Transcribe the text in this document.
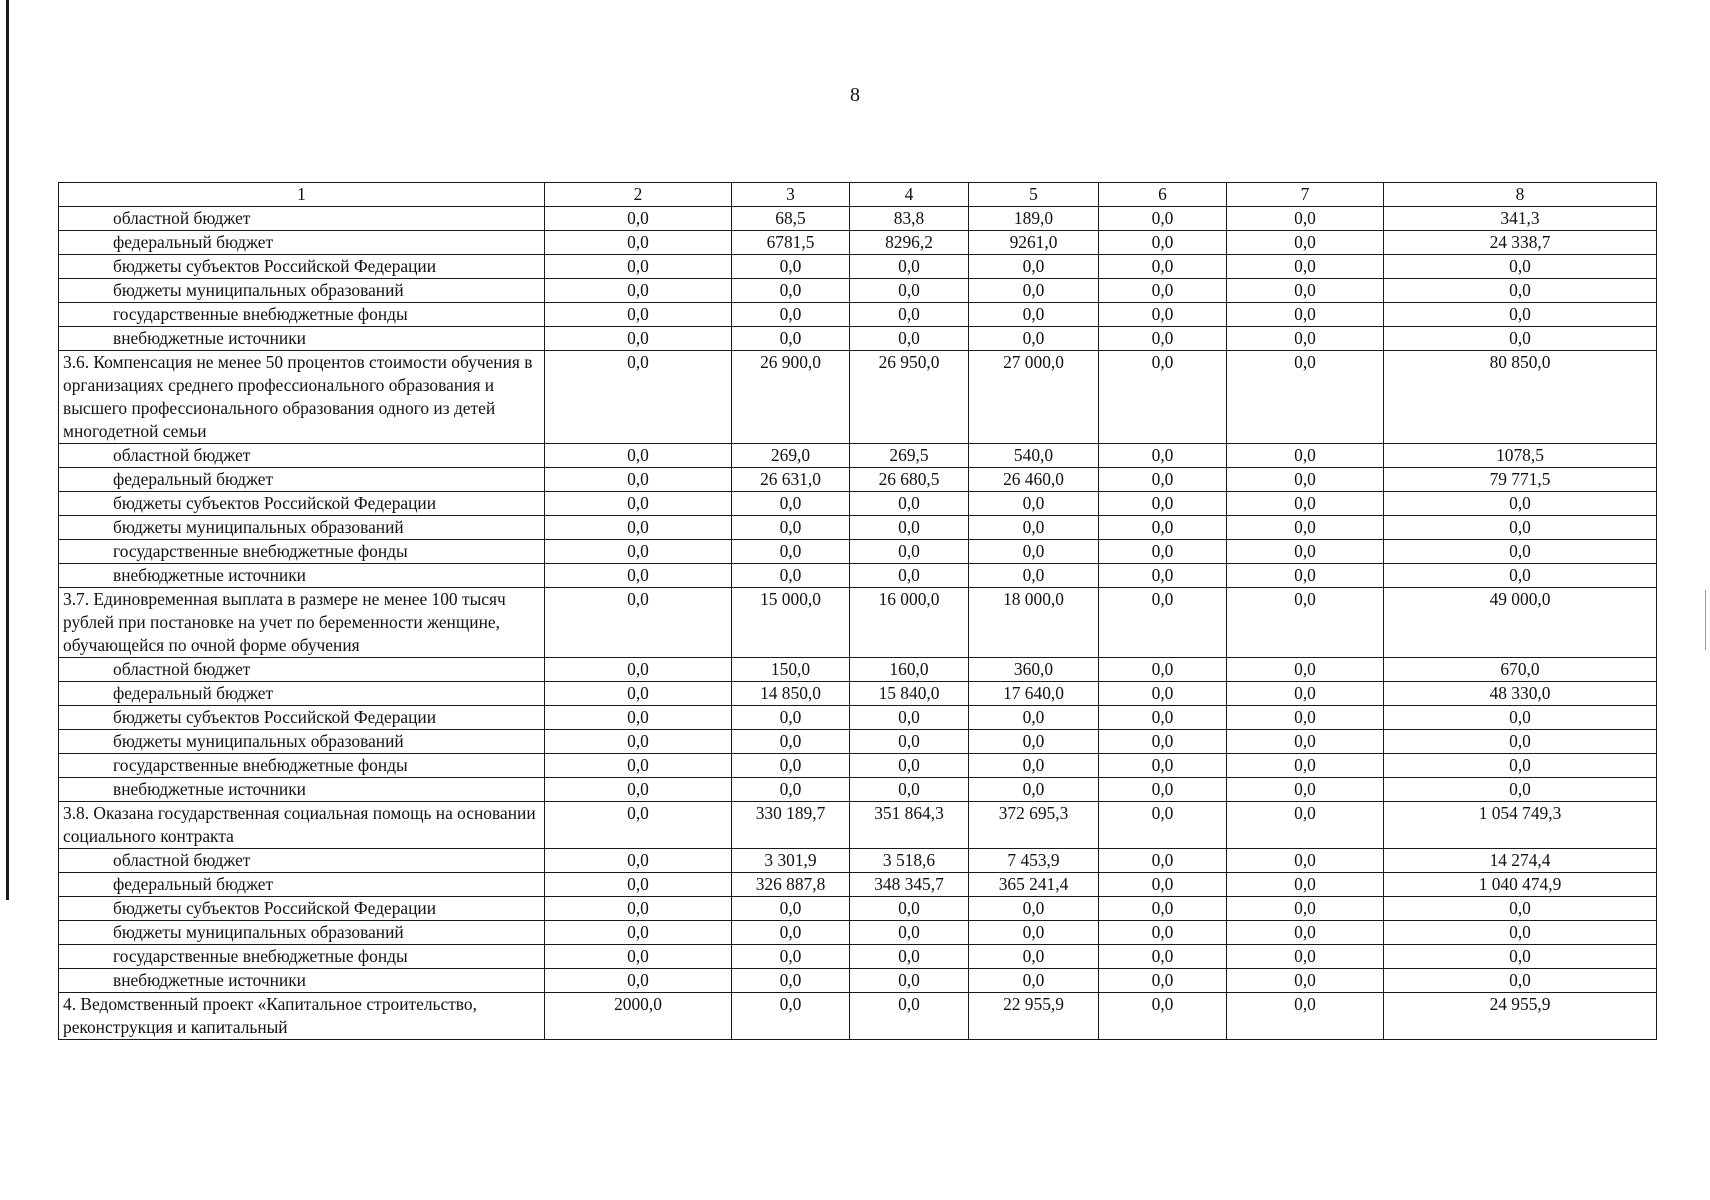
8
1	2	3	4	5	6	7	8
областной бюджет	0,0	68,5	83,8	189,0	0,0	0,0	341,3
федеральный бюджет	0,0	6781,5	8296,2	9261,0	0,0	0,0	24 338,7
бюджеты субъектов Российской Федерации	0,0	0,0	0,0	0,0	0,0	0,0	0,0
бюджеты муниципальных образований	0,0	0,0	0,0	0,0	0,0	0,0	0,0
государственные внебюджетные фонды	0,0	0,0	0,0	0,0	0,0	0,0	0,0
внебюджетные источники	0,0	0,0	0,0	0,0	0,0	0,0	0,0
3.6. Компенсация не менее 50 процентов стоимости обучения в организациях среднего профессионального образования и высшего профессионального образования одного из детей многодетной семьи	0,0	26 900,0	26 950,0	27 000,0	0,0	0,0	80 850,0
областной бюджет	0,0	269,0	269,5	540,0	0,0	0,0	1078,5
федеральный бюджет	0,0	26 631,0	26 680,5	26 460,0	0,0	0,0	79 771,5
бюджеты субъектов Российской Федерации	0,0	0,0	0,0	0,0	0,0	0,0	0,0
бюджеты муниципальных образований	0,0	0,0	0,0	0,0	0,0	0,0	0,0
государственные внебюджетные фонды	0,0	0,0	0,0	0,0	0,0	0,0	0,0
внебюджетные источники	0,0	0,0	0,0	0,0	0,0	0,0	0,0
3.7. Единовременная выплата в размере не менее 100 тысяч рублей при постановке на учет по беременности женщине, обучающейся по очной форме обучения	0,0	15 000,0	16 000,0	18 000,0	0,0	0,0	49 000,0
областной бюджет	0,0	150,0	160,0	360,0	0,0	0,0	670,0
федеральный бюджет	0,0	14 850,0	15 840,0	17 640,0	0,0	0,0	48 330,0
бюджеты субъектов Российской Федерации	0,0	0,0	0,0	0,0	0,0	0,0	0,0
бюджеты муниципальных образований	0,0	0,0	0,0	0,0	0,0	0,0	0,0
государственные внебюджетные фонды	0,0	0,0	0,0	0,0	0,0	0,0	0,0
внебюджетные источники	0,0	0,0	0,0	0,0	0,0	0,0	0,0
3.8. Оказана государственная социальная помощь на основании социального контракта	0,0	330 189,7	351 864,3	372 695,3	0,0	0,0	1 054 749,3
областной бюджет	0,0	3 301,9	3 518,6	7 453,9	0,0	0,0	14 274,4
федеральный бюджет	0,0	326 887,8	348 345,7	365 241,4	0,0	0,0	1 040 474,9
бюджеты субъектов Российской Федерации	0,0	0,0	0,0	0,0	0,0	0,0	0,0
бюджеты муниципальных образований	0,0	0,0	0,0	0,0	0,0	0,0	0,0
государственные внебюджетные фонды	0,0	0,0	0,0	0,0	0,0	0,0	0,0
внебюджетные источники	0,0	0,0	0,0	0,0	0,0	0,0	0,0
4. Ведомственный проект «Капитальное строительство, реконструкция и капитальный	2000,0	0,0	0,0	22 955,9	0,0	0,0	24 955,9
